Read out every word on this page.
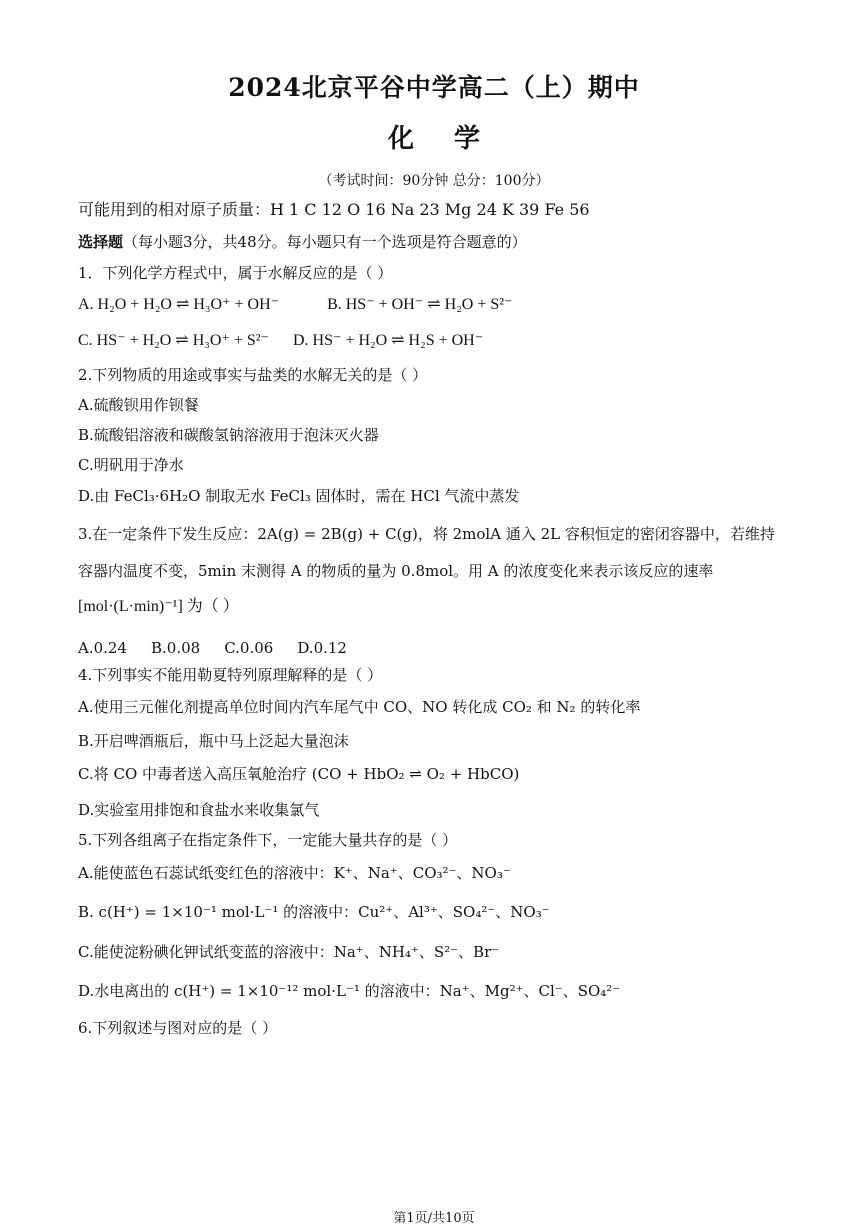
2024北京平谷中学高二（上）期中
化学
（考试时间：90分钟 总分：100分）
可能用到的相对原子质量：H 1 C 12 O 16 Na 23 Mg 24 K 39 Fe 56
选择题（每小题3分，共48分。每小题只有一个选项是符合题意的）
1．下列化学方程式中，属于水解反应的是（ ）
A. H₂O + H₂O ⇌ H₃O⁺ + OH⁻	B. HS⁻ + OH⁻ ⇌ H₂O + S²⁻
C. HS⁻ + H₂O ⇌ H₃O⁺ + S²⁻ D. HS⁻ + H₂O ⇌ H₂S + OH⁻
2.下列物质的用途或事实与盐类的水解无关的是（ ）
A.硫酸钡用作钡餐
B.硫酸铝溶液和碳酸氢钠溶液用于泡沫灭火器
C.明矾用于净水
D.由 FeCl₃·6H₂O 制取无水 FeCl₃ 固体时，需在 HCl 气流中蒸发
3.在一定条件下发生反应：2A(g) = 2B(g) + C(g)，将 2molA 通入 2L 容积恒定的密闭容器中，若维持
容器内温度不变，5min 末测得 A 的物质的量为 0.8mol。用 A 的浓度变化来表示该反应的速率
[mol·(L·min)⁻¹] 为（ ）
A.0.24 B.0.08 C.0.06 D.0.12
4.下列事实不能用勒夏特列原理解释的是（ ）
A.使用三元催化剂提高单位时间内汽车尾气中 CO、NO 转化成 CO₂ 和 N₂ 的转化率
B.开启啤酒瓶后，瓶中马上泛起大量泡沫
C.将 CO 中毒者送入高压氧舱治疗 (CO + HbO₂ ⇌ O₂ + HbCO)
D.实验室用排饱和食盐水来收集氯气
5.下列各组离子在指定条件下，一定能大量共存的是（ ）
A.能使蓝色石蕊试纸变红色的溶液中：K⁺、Na⁺、CO₃²⁻、NO₃⁻
B. c(H⁺) = 1×10⁻¹ mol·L⁻¹ 的溶液中：Cu²⁺、Al³⁺、SO₄²⁻、NO₃⁻
C.能使淀粉碘化钾试纸变蓝的溶液中：Na⁺、NH₄⁺、S²⁻、Br⁻
D.水电离出的 c(H⁺) = 1×10⁻¹² mol·L⁻¹ 的溶液中：Na⁺、Mg²⁺、Cl⁻、SO₄²⁻
6.下列叙述与图对应的是（ ）
第1页/共10页
